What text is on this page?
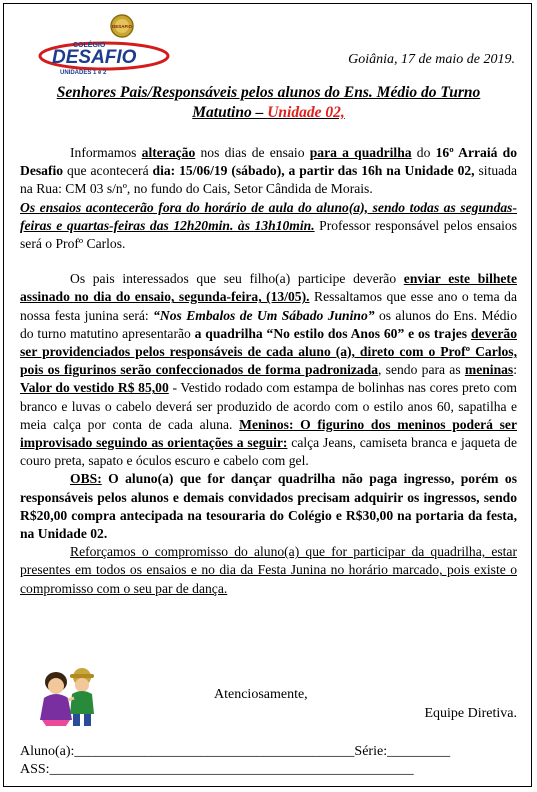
DESAFIO
COLÉGIO
DESAFIO
UNIDADES 1 e 2
Goiânia, 17 de maio de 2019.
Senhores Pais/Responsáveis pelos alunos do Ens. Médio do Turno
Matutino – Unidade 02,

Informamos alteração nos dias de ensaio para a quadrilha do 16º Arraiá do Desafio que acontecerá dia: 15/06/19 (sábado), a partir das 16h na Unidade 02, situada na Rua: CM 03 s/nº, no fundo do Cais, Setor Cândida de Morais.

Os ensaios acontecerão fora do horário de aula do aluno(a), sendo todas as segundas-feiras e quartas-feiras das 12h20min. às 13h10min. Professor responsável pelos ensaios será o Profº Carlos.

Os pais interessados que seu filho(a) participe deverão enviar este bilhete assinado no dia do ensaio, segunda-feira, (13/05). Ressaltamos que esse ano o tema da nossa festa junina será: “Nos Embalos de Um Sábado Junino” os alunos do Ens. Médio do turno matutino apresentarão a quadrilha “No estilo dos Anos 60” e os trajes deverão ser providenciados pelos responsáveis de cada aluno (a), direto com o Profº Carlos, pois os figurinos serão confeccionados de forma padronizada, sendo para as meninas: Valor do vestido R$ 85,00 - Vestido rodado com estampa de bolinhas nas cores preto com branco e luvas o cabelo deverá ser produzido de acordo com o estilo anos 60, sapatilha e meia calça por conta de cada aluna. Meninos: O figurino dos meninos poderá ser improvisado seguindo as orientações a seguir: calça Jeans, camiseta branca e jaqueta de couro preta, sapato e óculos escuro e cabelo com gel.

OBS: O aluno(a) que for dançar quadrilha não paga ingresso, porém os responsáveis pelos alunos e demais convidados precisam adquirir os ingressos, sendo R$20,00 compra antecipada na tesouraria do Colégio e R$30,00 na portaria da festa, na Unidade 02.

Reforçamos o compromisso do aluno(a) que for participar da quadrilha, estar presentes em todos os ensaios e no dia da Festa Junina no horário marcado, pois existe o compromisso com o seu par de dança.

Atenciosamente,
Equipe Diretiva.
Aluno(a):________________________________________Série:_________
ASS:____________________________________________________
